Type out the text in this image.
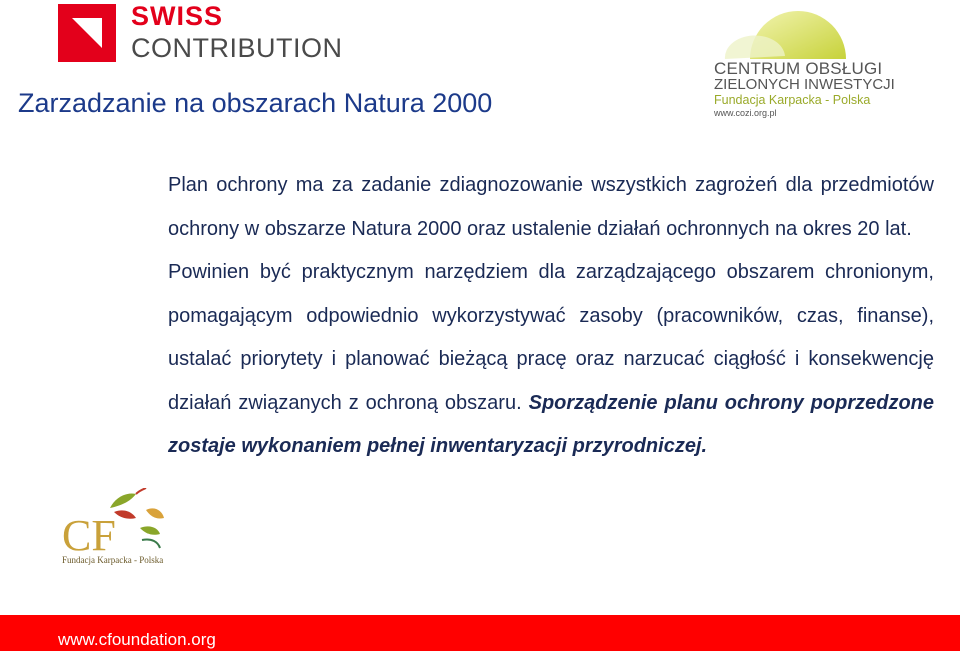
SWISS
CONTRIBUTION
CENTRUM OBSŁUGI
ZIELONYCH INWESTYCJI
Fundacja Karpacka - Polska
www.cozi.org.pl
Zarzadzanie na obszarach Natura 2000

Plan ochrony ma za zadanie zdiagnozowanie wszystkich zagrożeń dla przedmiotów ochrony w obszarze Natura 2000 oraz ustalenie działań ochronnych na okres 20 lat.

Powinien być praktycznym narzędziem dla zarządzającego obszarem chronionym, pomagającym odpowiednio wykorzystywać zasoby (pracowników, czas, finanse), ustalać priorytety i planować bieżącą pracę oraz narzucać ciągłość i konsekwencję działań związanych z ochroną obszaru. Sporządzenie planu ochrony poprzedzone zostaje wykonaniem pełnej inwentaryzacji przyrodniczej.

CF
Fundacja Karpacka - Polska
www.cfoundation.org
